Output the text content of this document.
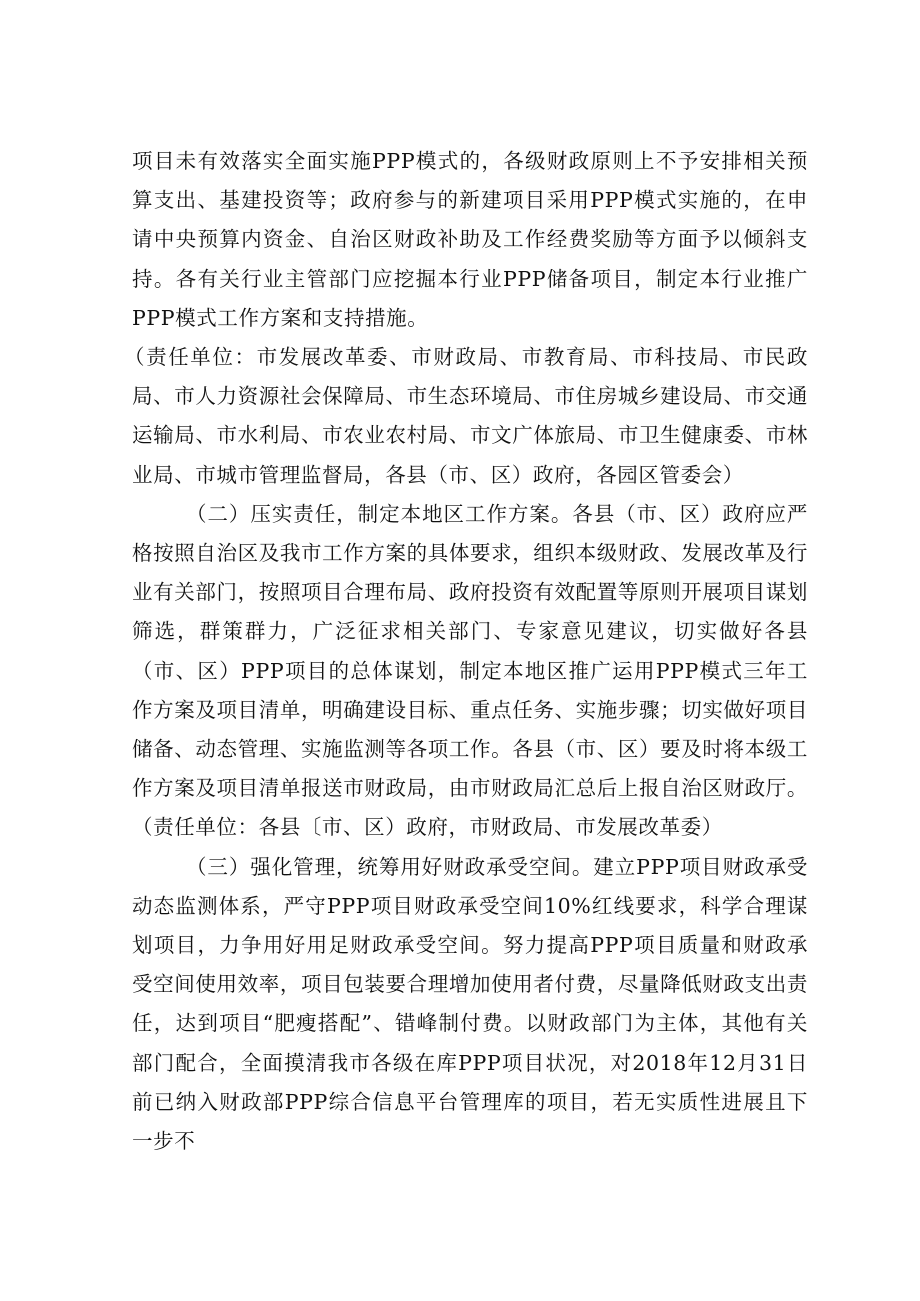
项目未有效落实全面实施PPP模式的，各级财政原则上不予安排相关预算支出、基建投资等；政府参与的新建项目采用PPP模式实施的，在申请中央预算内资金、自治区财政补助及工作经费奖励等方面予以倾斜支持。各有关行业主管部门应挖掘本行业PPP储备项目，制定本行业推广PPP模式工作方案和支持措施。

（责任单位：市发展改革委、市财政局、市教育局、市科技局、市民政局、市人力资源社会保障局、市生态环境局、市住房城乡建设局、市交通运输局、市水利局、市农业农村局、市文广体旅局、市卫生健康委、市林业局、市城市管理监督局，各县（市、区）政府，各园区管委会）

（二）压实责任，制定本地区工作方案。各县（市、区）政府应严格按照自治区及我市工作方案的具体要求，组织本级财政、发展改革及行业有关部门，按照项目合理布局、政府投资有效配置等原则开展项目谋划筛选，群策群力，广泛征求相关部门、专家意见建议，切实做好各县（市、区）PPP项目的总体谋划，制定本地区推广运用PPP模式三年工作方案及项目清单，明确建设目标、重点任务、实施步骤；切实做好项目储备、动态管理、实施监测等各项工作。各县（市、区）要及时将本级工作方案及项目清单报送市财政局，由市财政局汇总后上报自治区财政厅。（责任单位：各县〔市、区）政府，市财政局、市发展改革委）

（三）强化管理，统筹用好财政承受空间。建立PPP项目财政承受动态监测体系，严守PPP项目财政承受空间10%红线要求，科学合理谋划项目，力争用好用足财政承受空间。努力提高PPP项目质量和财政承受空间使用效率，项目包装要合理增加使用者付费，尽量降低财政支出责任，达到项目“肥瘦搭配”、错峰制付费。以财政部门为主体，其他有关部门配合，全面摸清我市各级在库PPP项目状况，对2018年12月31日前已纳入财政部PPP综合信息平台管理库的项目，若无实质性进展且下一步不
